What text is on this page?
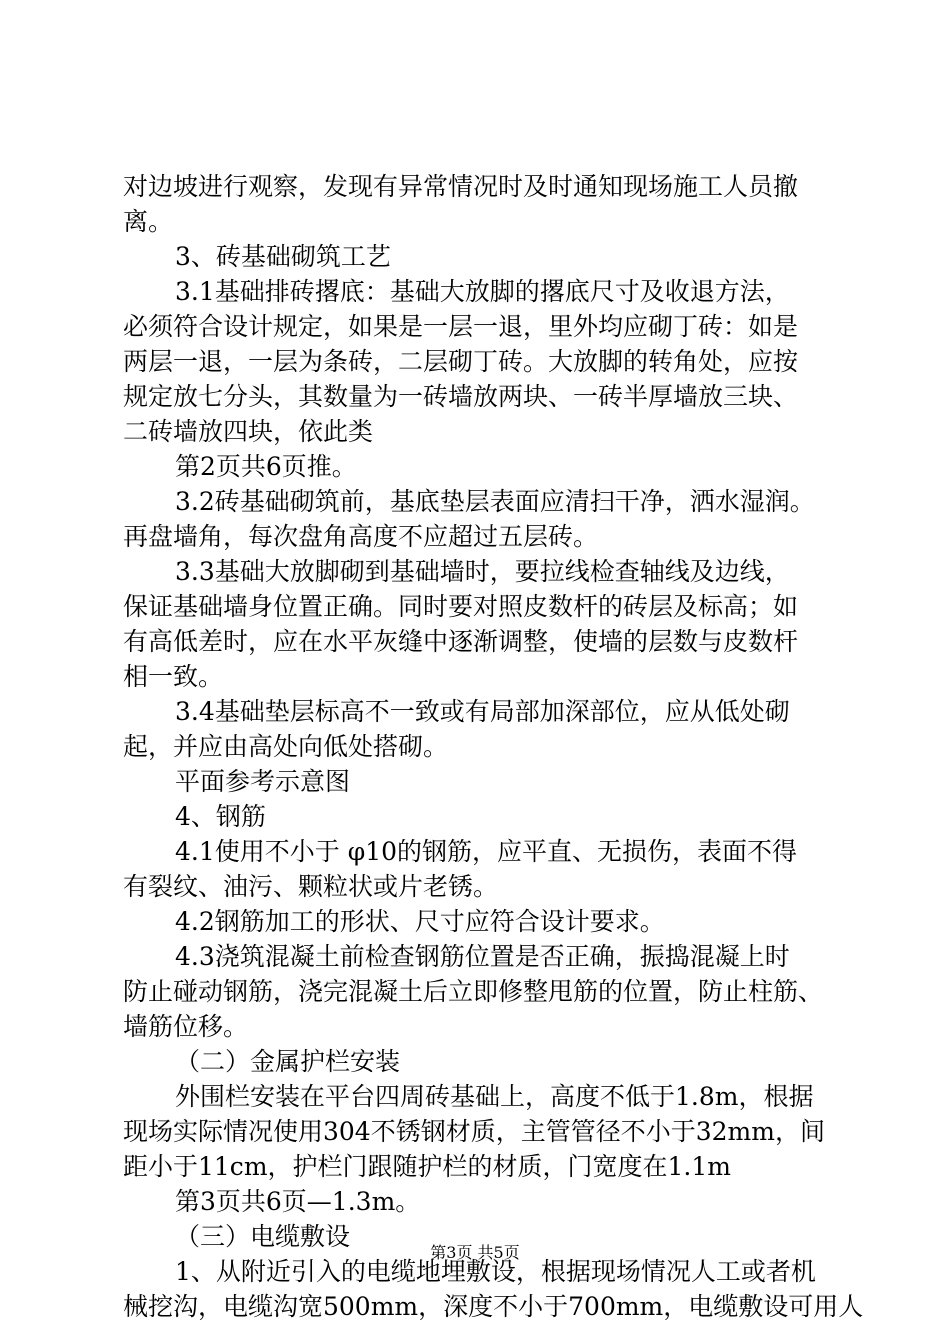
对边坡进行观察，发现有异常情况时及时通知现场施工人员撤
离。
3、砖基础砌筑工艺
3.1基础排砖撂底：基础大放脚的撂底尺寸及收退方法，
必须符合设计规定，如果是一层一退，里外均应砌丁砖：如是
两层一退，一层为条砖，二层砌丁砖。大放脚的转角处，应按
规定放七分头，其数量为一砖墙放两块、一砖半厚墙放三块、
二砖墙放四块，依此类
第2页共6页推。
3.2砖基础砌筑前，基底垫层表面应清扫干净，洒水湿润。
再盘墙角，每次盘角高度不应超过五层砖。
3.3基础大放脚砌到基础墙时，要拉线检查轴线及边线，
保证基础墙身位置正确。同时要对照皮数杆的砖层及标高；如
有高低差时，应在水平灰缝中逐渐调整，使墙的层数与皮数杆
相一致。
3.4基础垫层标高不一致或有局部加深部位，应从低处砌
起，并应由高处向低处搭砌。
平面参考示意图
4、钢筋
4.1使用不小于 φ10的钢筋，应平直、无损伤，表面不得
有裂纹、油污、颗粒状或片老锈。
4.2钢筋加工的形状、尺寸应符合设计要求。
4.3浇筑混凝土前检查钢筋位置是否正确，振捣混凝上时
防止碰动钢筋，浇完混凝土后立即修整甩筋的位置，防止柱筋、
墙筋位移。
（二）金属护栏安装
外围栏安装在平台四周砖基础上，高度不低于1.8m，根据
现场实际情况使用304不锈钢材质，主管管径不小于32mm，间
距小于11cm，护栏门跟随护栏的材质，门宽度在1.1m
第3页共6页—1.3m。
（三）电缆敷设
1、从附近引入的电缆地埋敷设，根据现场情况人工或者机
械挖沟，电缆沟宽500mm，深度不小于700mm，电缆敷设可用人
第3页 共5页
